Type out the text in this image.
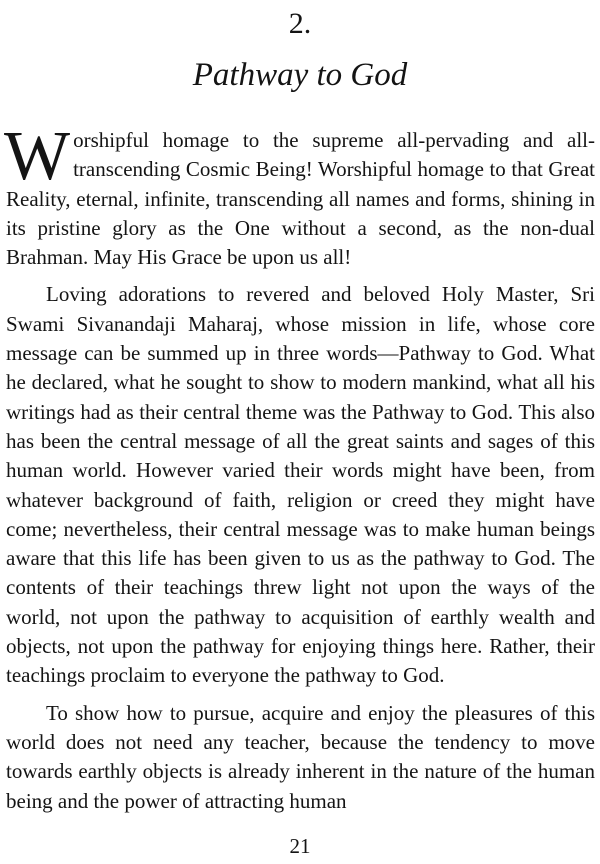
2.
Pathway to God

Worshipful homage to the supreme all-pervading and all-transcending Cosmic Being! Worshipful homage to that Great Reality, eternal, infinite, transcending all names and forms, shining in its pristine glory as the One without a second, as the non-dual Brahman. May His Grace be upon us all!

Loving adorations to revered and beloved Holy Master, Sri Swami Sivanandaji Maharaj, whose mission in life, whose core message can be summed up in three words—Pathway to God. What he declared, what he sought to show to modern mankind, what all his writings had as their central theme was the Pathway to God. This also has been the central message of all the great saints and sages of this human world. However varied their words might have been, from whatever background of faith, religion or creed they might have come; nevertheless, their central message was to make human beings aware that this life has been given to us as the pathway to God. The contents of their teachings threw light not upon the ways of the world, not upon the pathway to acquisition of earthly wealth and objects, not upon the pathway for enjoying things here. Rather, their teachings proclaim to everyone the pathway to God.

To show how to pursue, acquire and enjoy the pleasures of this world does not need any teacher, because the tendency to move towards earthly objects is already inherent in the nature of the human being and the power of attracting human

21
